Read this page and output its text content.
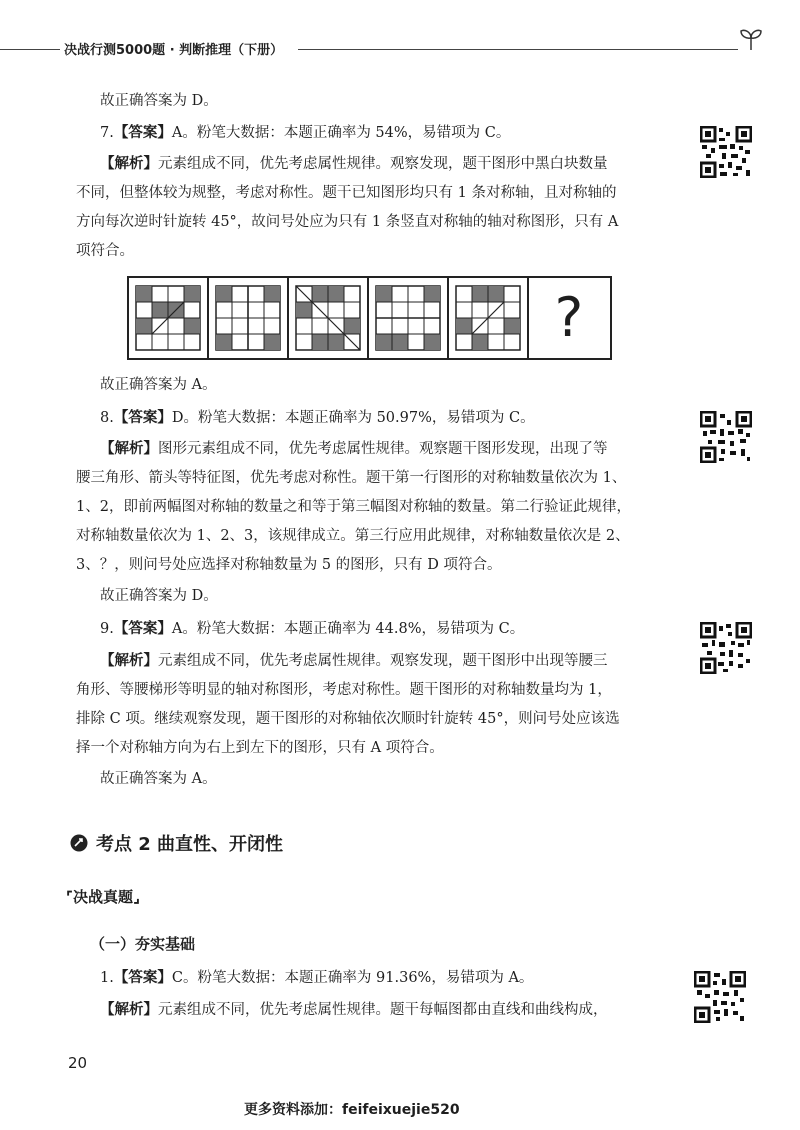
决战行测5000题 · 判断推理（下册）
故正确答案为 D。
7.【答案】A。粉笔大数据：本题正确率为 54%，易错项为 C。
【解析】元素组成不同，优先考虑属性规律。观察发现，题干图形中黑白块数量
不同，但整体较为规整，考虑对称性。题干已知图形均只有 1 条对称轴，且对称轴的
方向每次逆时针旋转 45°，故问号处应为只有 1 条竖直对称轴的轴对称图形，只有 A
项符合。
?
故正确答案为 A。
8.【答案】D。粉笔大数据：本题正确率为 50.97%，易错项为 C。
【解析】图形元素组成不同，优先考虑属性规律。观察题干图形发现，出现了等
腰三角形、箭头等特征图，优先考虑对称性。题干第一行图形的对称轴数量依次为 1、
1、2，即前两幅图对称轴的数量之和等于第三幅图对称轴的数量。第二行验证此规律，
对称轴数量依次为 1、2、3，该规律成立。第三行应用此规律，对称轴数量依次是 2、
3、？，则问号处应选择对称轴数量为 5 的图形，只有 D 项符合。
故正确答案为 D。
9.【答案】A。粉笔大数据：本题正确率为 44.8%，易错项为 C。
【解析】元素组成不同，优先考虑属性规律。观察发现，题干图形中出现等腰三
角形、等腰梯形等明显的轴对称图形，考虑对称性。题干图形的对称轴数量均为 1，
排除 C 项。继续观察发现，题干图形的对称轴依次顺时针旋转 45°，则问号处应该选
择一个对称轴方向为右上到左下的图形，只有 A 项符合。
故正确答案为 A。
考点 2 曲直性、开闭性
⌜决战真题⌟
（一）夯实基础
1.【答案】C。粉笔大数据：本题正确率为 91.36%，易错项为 A。
【解析】元素组成不同，优先考虑属性规律。题干每幅图都由直线和曲线构成，
20
更多资料添加：feifeixuejie520
